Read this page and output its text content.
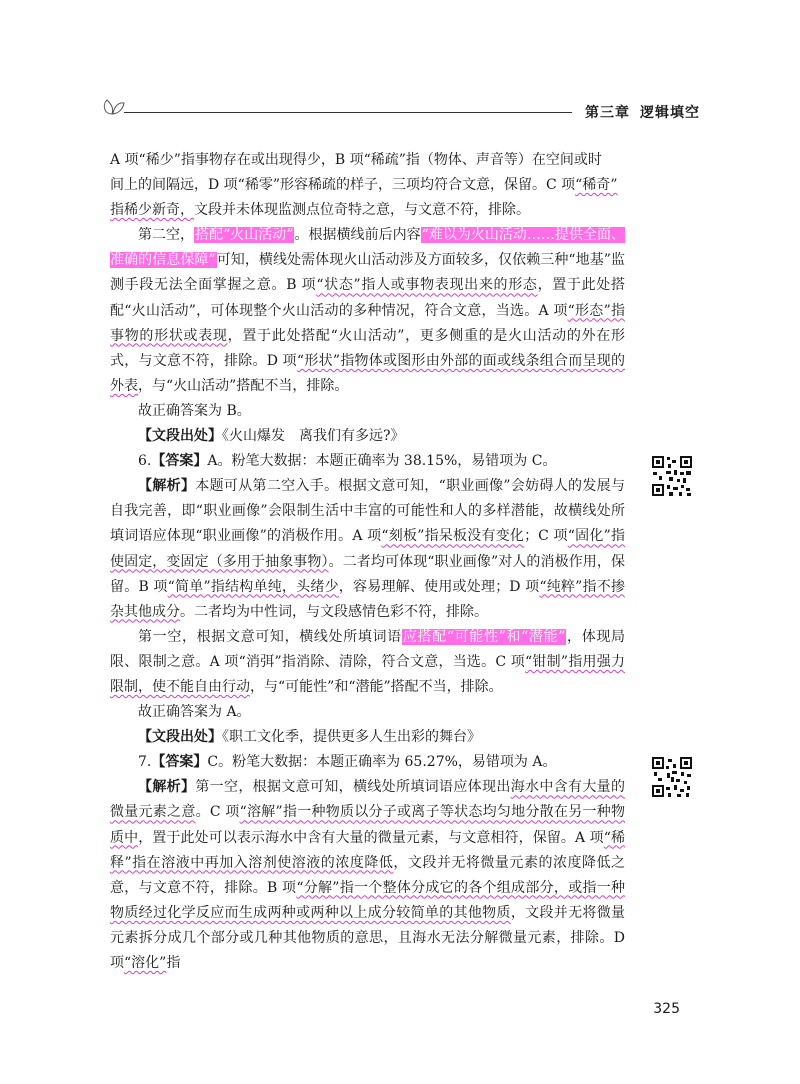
第三章 逻辑填空

A 项“稀少”指事物存在或出现得少，B 项“稀疏”指（物体、声音等）在空间或时
间上的间隔远，D 项“稀零”形容稀疏的样子，三项均符合文意，保留。C 项“稀奇”
指稀少新奇，文段并未体现监测点位奇特之意，与文意不符，排除。

第二空，搭配“火山活动”。根据横线前后内容“难以为火山活动……提供全面、准确的信息保障”可知，横线处需体现火山活动涉及方面较多，仅依赖三种“地基”监测手段无法全面掌握之意。B 项“状态”指人或事物表现出来的形态，置于此处搭配“火山活动”，可体现整个火山活动的多种情况，符合文意，当选。A 项“形态”指事物的形状或表现，置于此处搭配“火山活动”，更多侧重的是火山活动的外在形式，与文意不符，排除。D 项“形状”指物体或图形由外部的面或线条组合而呈现的外表，与“火山活动”搭配不当，排除。

故正确答案为 B。

【文段出处】《火山爆发　离我们有多远?》

6.【答案】A。粉笔大数据：本题正确率为 38.15%，易错项为 C。

【解析】本题可从第二空入手。根据文意可知，“职业画像”会妨碍人的发展与自我完善，即“职业画像”会限制生活中丰富的可能性和人的多样潜能，故横线处所填词语应体现“职业画像”的消极作用。A 项“刻板”指呆板没有变化；C 项“固化”指使固定，变固定（多用于抽象事物）。二者均可体现“职业画像”对人的消极作用，保留。B 项“简单”指结构单纯，头绪少，容易理解、使用或处理；D 项“纯粹”指不掺杂其他成分。二者均为中性词，与文段感情色彩不符，排除。

第一空，根据文意可知，横线处所填词语应搭配“可能性”和“潜能”，体现局限、限制之意。A 项“消弭”指消除、清除，符合文意，当选。C 项“钳制”指用强力限制，使不能自由行动，与“可能性”和“潜能”搭配不当，排除。

故正确答案为 A。

【文段出处】《职工文化季，提供更多人生出彩的舞台》

7.【答案】C。粉笔大数据：本题正确率为 65.27%，易错项为 A。

【解析】第一空，根据文意可知，横线处所填词语应体现出海水中含有大量的微量元素之意。C 项“溶解”指一种物质以分子或离子等状态均匀地分散在另一种物质中，置于此处可以表示海水中含有大量的微量元素，与文意相符，保留。A 项“稀释”指在溶液中再加入溶剂使溶液的浓度降低，文段并无将微量元素的浓度降低之意，与文意不符，排除。B 项“分解”指一个整体分成它的各个组成部分，或指一种物质经过化学反应而生成两种或两种以上成分较简单的其他物质，文段并无将微量元素拆分成几个部分或几种其他物质的意思，且海水无法分解微量元素，排除。D 项“溶化”指

325
